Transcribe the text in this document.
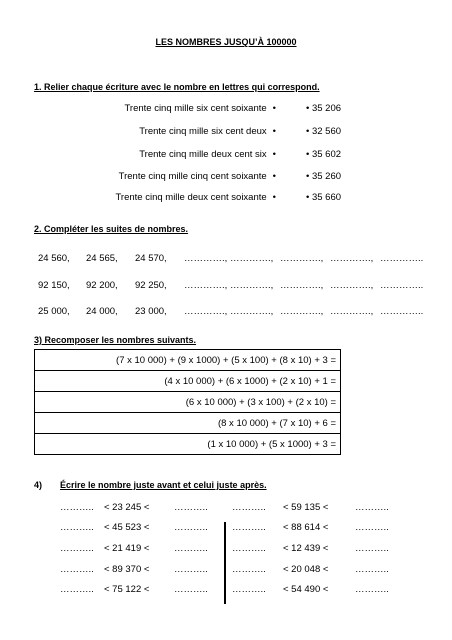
LES NOMBRES JUSQU’À 100000
1. Relier chaque écriture avec le nombre en lettres qui correspond.
Trente cinq mille six cent soixante •
Trente cinq mille six cent deux •
Trente cinq mille deux cent six •
Trente cinq mille cinq cent soixante •
Trente cinq mille deux cent soixante •
• 35 206
• 32 560
• 35 602
• 35 260
• 35 660
2. Compléter les suites de nombres.
24 560, 24 565, 24 570, …………., …………., …………., …………., …………..
92 150, 92 200, 92 250, …………., …………., …………., …………., …………..
25 000, 24 000, 23 000, …………., …………., …………., …………., …………..
3) Recomposer les nombres suivants.
(7 x 10 000) + (9 x 1000) + (5 x 100) + (8 x 10) + 3 =
(4 x 10 000) + (6 x 1000) + (2 x 10) + 1 =
(6 x 10 000) + (3 x 100) + (2 x 10) =
(8 x 10 000) + (7 x 10) + 6 =
(1 x 10 000) + (5 x 1000) + 3 =
4) Écrire le nombre juste avant et celui juste après.
……….. < 23 245 <	………..
……….. < 45 523 <	………..
……….. < 21 419 <	………..
……….. < 89 370 <	………..
……….. < 75 122 <	………..
……….. < 59 135 <	………..
……….. < 88 614 <	………..
……….. < 12 439 <	………..
……….. < 20 048 <	………..
……….. < 54 490 <	………..
